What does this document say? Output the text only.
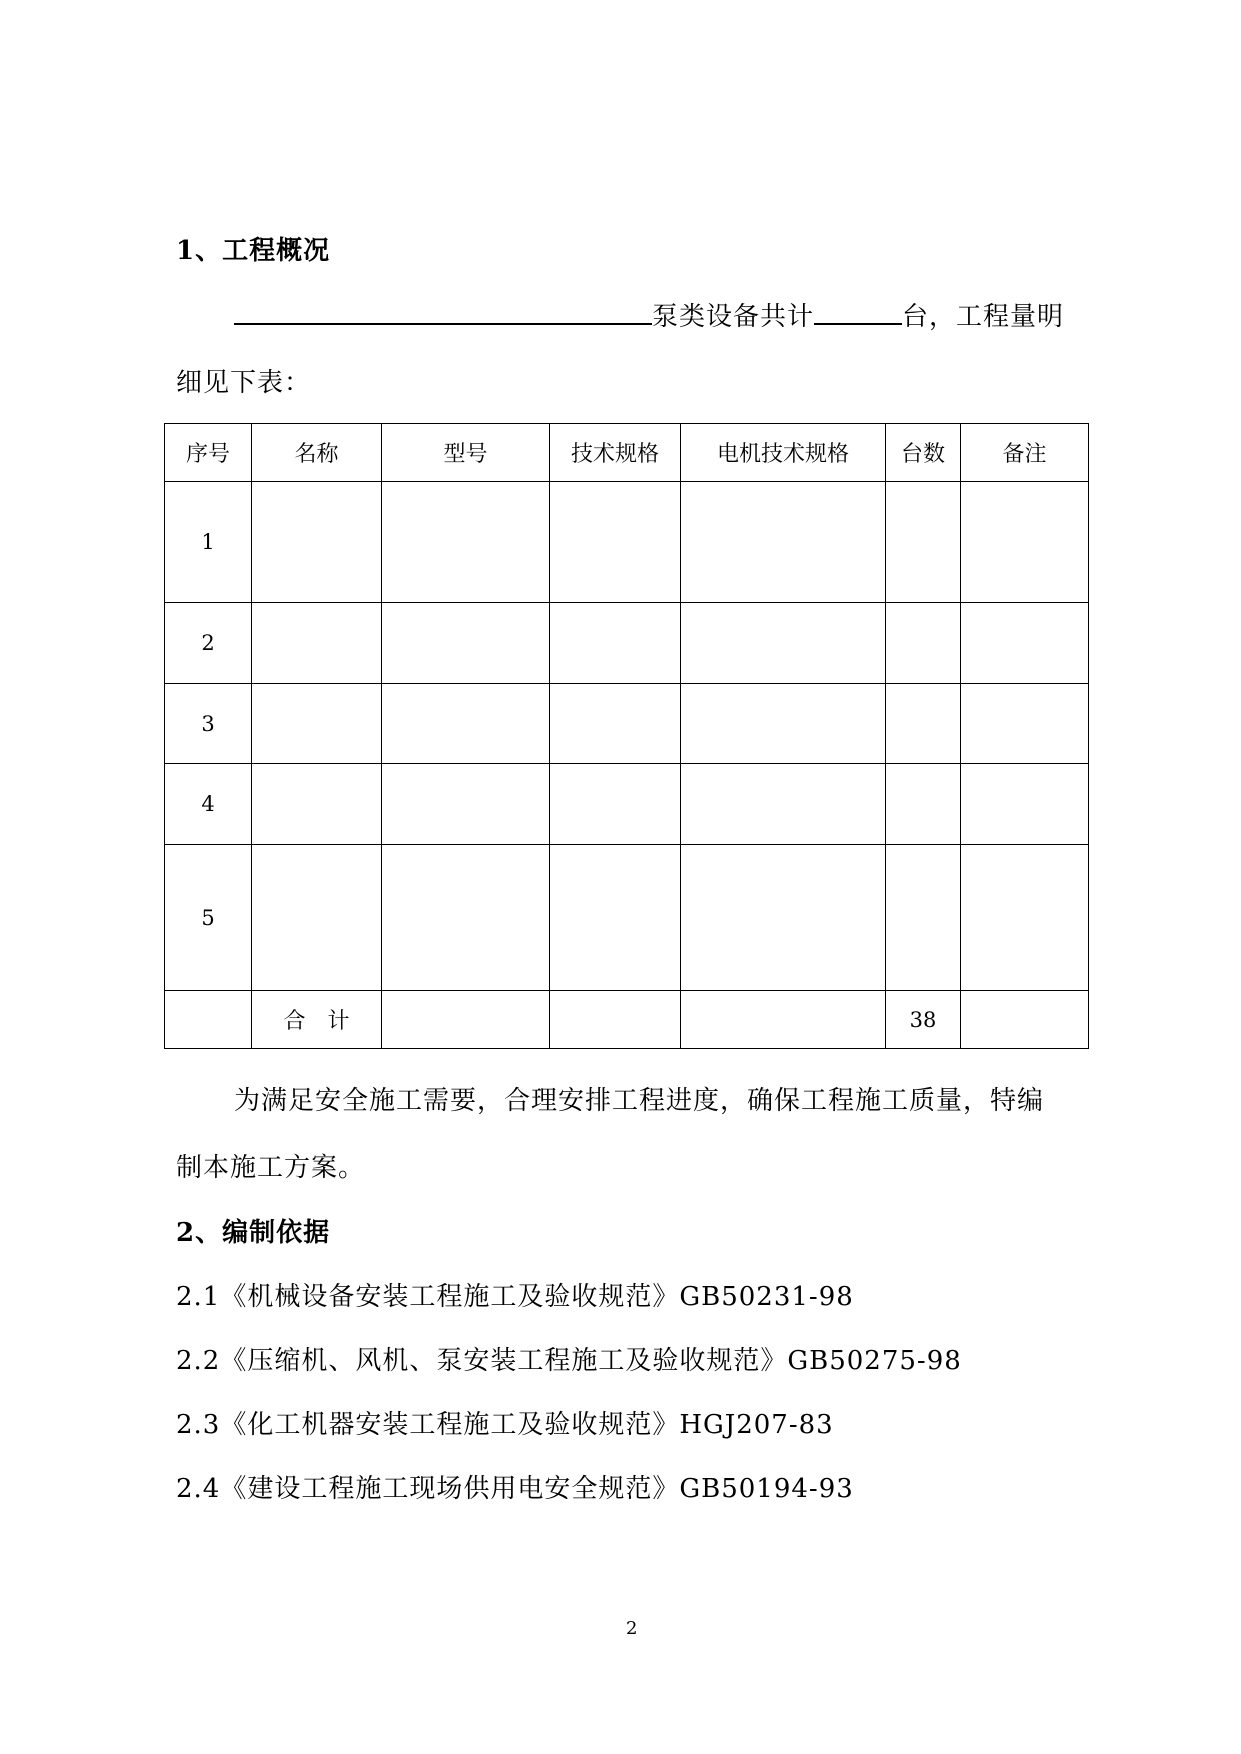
1、工程概况
泵类设备共计	台，工程量明
细见下表：
序号	名称	型号	技术规格	电机技术规格	台数	备注
1						
2						
3						
4						
5						
	合　计				38	
为满足安全施工需要，合理安排工程进度，确保工程施工质量，特编
制本施工方案。
2、编制依据
2.1《机械设备安装工程施工及验收规范》GB50231-98
2.2《压缩机、风机、泵安装工程施工及验收规范》GB50275-98
2.3《化工机器安装工程施工及验收规范》HGJ207-83
2.4《建设工程施工现场供用电安全规范》GB50194-93
2
